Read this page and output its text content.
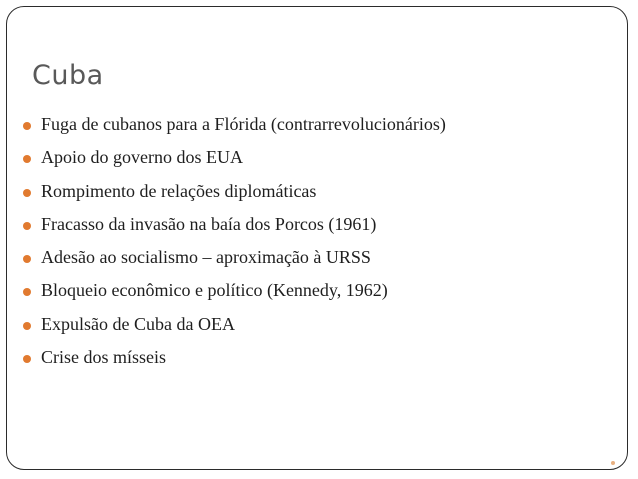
Cuba
Fuga de cubanos para a Flórida (contrarrevolucionários)
Apoio do governo dos EUA
Rompimento de relações diplomáticas
Fracasso da invasão na baía dos Porcos (1961)
Adesão ao socialismo – aproximação à URSS
Bloqueio econômico e político (Kennedy, 1962)
Expulsão de Cuba da OEA
Crise dos mísseis
